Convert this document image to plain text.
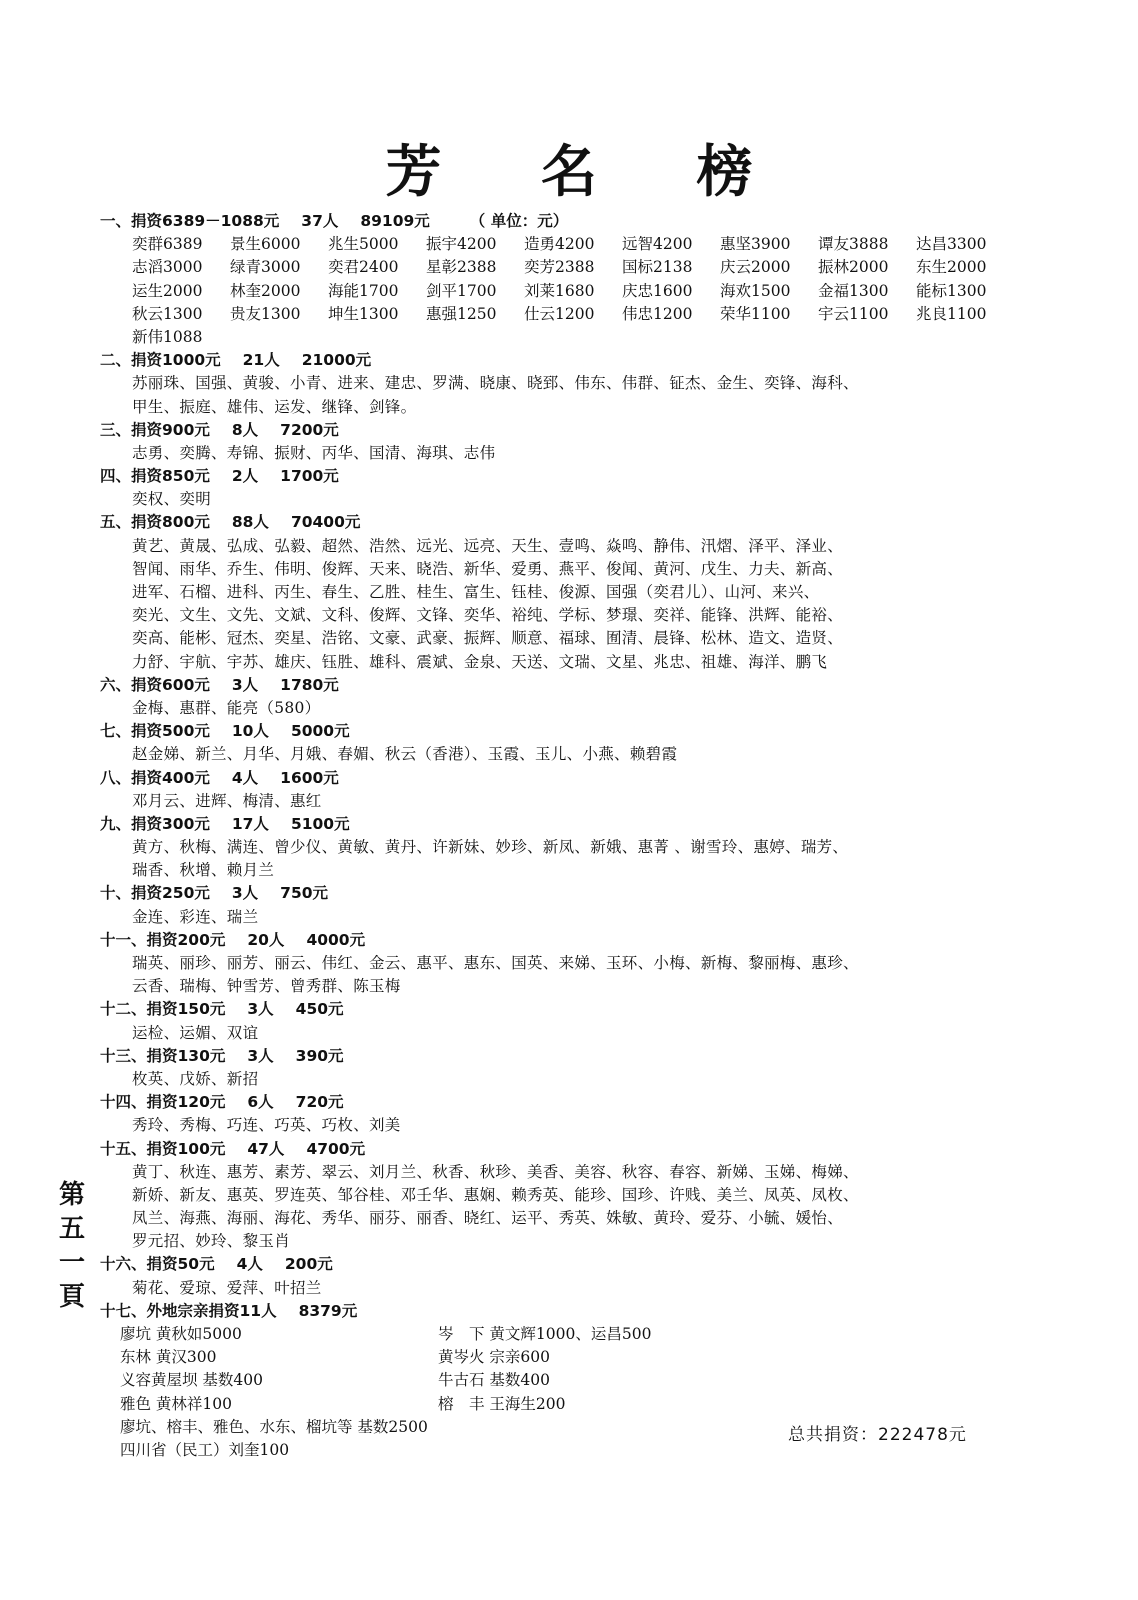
芳 名 榜
一、捐资6389－1088元 37人 89109元	（ 单位：元）
奕群6389 景生6000 兆生5000 振宇4200 造勇4200 远智4200 惠坚3900 谭友3888 达昌3300
志滔3000 绿青3000 奕君2400 星彰2388 奕芳2388 国标2138 庆云2000 振林2000 东生2000
运生2000 林奎2000 海能1700 剑平1700 刘莱1680 庆忠1600 海欢1500 金福1300 能标1300
秋云1300 贵友1300 坤生1300 惠强1250 仕云1200 伟忠1200 荣华1100 宇云1100 兆良1100
新伟1088
二、捐资1000元 21人 21000元
苏丽珠、国强、黄骏、小青、进来、建忠、罗满、晓康、晓郅、伟东、伟群、钲杰、金生、奕锋、海科、
甲生、振庭、雄伟、运发、继锋、剑锋。
三、捐资900元 8人 7200元
志勇、奕腾、寿锦、振财、丙华、国清、海琪、志伟
四、捐资850元 2人 1700元
奕权、奕明
五、捐资800元 88人 70400元
黄艺、黄晟、弘成、弘毅、超然、浩然、远光、远亮、天生、壹鸣、焱鸣、静伟、汛熠、泽平、泽业、
智闻、雨华、乔生、伟明、俊辉、天来、晓浩、新华、爱勇、燕平、俊闻、黄河、戊生、力夫、新高、
进军、石榴、进科、丙生、春生、乙胜、桂生、富生、钰桂、俊源、国强（奕君儿）、山河、来兴、
奕光、文生、文先、文斌、文科、俊辉、文锋、奕华、裕纯、学标、梦璟、奕祥、能锋、洪辉、能裕、
奕高、能彬、冠杰、奕星、浩铭、文豪、武豪、振辉、顺意、福球、囿清、晨锋、松林、造文、造贤、
力舒、宇航、宇苏、雄庆、钰胜、雄科、震斌、金泉、天送、文瑞、文星、兆忠、祖雄、海洋、鹏飞
六、捐资600元 3人 1780元
金梅、惠群、能亮（580）
七、捐资500元 10人 5000元
赵金娣、新兰、月华、月娥、春媚、秋云（香港）、玉霞、玉儿、小燕、赖碧霞
八、捐资400元 4人 1600元
邓月云、进辉、梅清、惠红
九、捐资300元 17人 5100元
黄方、秋梅、满连、曾少仪、黄敏、黄丹、许新妹、妙珍、新凤、新娥、惠菁 、谢雪玲、惠婷、瑞芳、
瑞香、秋增、赖月兰
十、捐资250元 3人 750元
金连、彩连、瑞兰
十一、捐资200元 20人 4000元
瑞英、丽珍、丽芳、丽云、伟红、金云、惠平、惠东、国英、来娣、玉环、小梅、新梅、黎丽梅、惠珍、
云香、瑞梅、钟雪芳、曾秀群、陈玉梅
十二、捐资150元 3人 450元
运检、运媚、双谊
十三、捐资130元 3人 390元
枚英、戊娇、新招
十四、捐资120元 6人 720元
秀玲、秀梅、巧连、巧英、巧枚、刘美
十五、捐资100元 47人 4700元
黄丁、秋连、惠芳、素芳、翠云、刘月兰、秋香、秋珍、美香、美容、秋容、春容、新娣、玉娣、梅娣、
新娇、新友、惠英、罗连英、邹谷桂、邓壬华、惠娴、赖秀英、能珍、国珍、许贱、美兰、凤英、凤枚、
凤兰、海燕、海丽、海花、秀华、丽芬、丽香、晓红、运平、秀英、姝敏、黄玲、爱芬、小毓、媛怡、
罗元招、妙玲、黎玉肖
十六、捐资50元 4人 200元
菊花、爱琼、爱萍、叶招兰
十七、外地宗亲捐资11人 8379元
廖坑 黄秋如5000	岑　下 黄文辉1000、运昌500
东林 黄汉300	黄岑火 宗亲600
义容黄屋坝 基数400	牛古石 基数400
雅色 黄林祥100	榕　丰 王海生200
廖坑、榕丰、雅色、水东、榴坑等 基数2500
四川省（民工）刘奎100
第
五
一
頁
总共捐资：222478元
